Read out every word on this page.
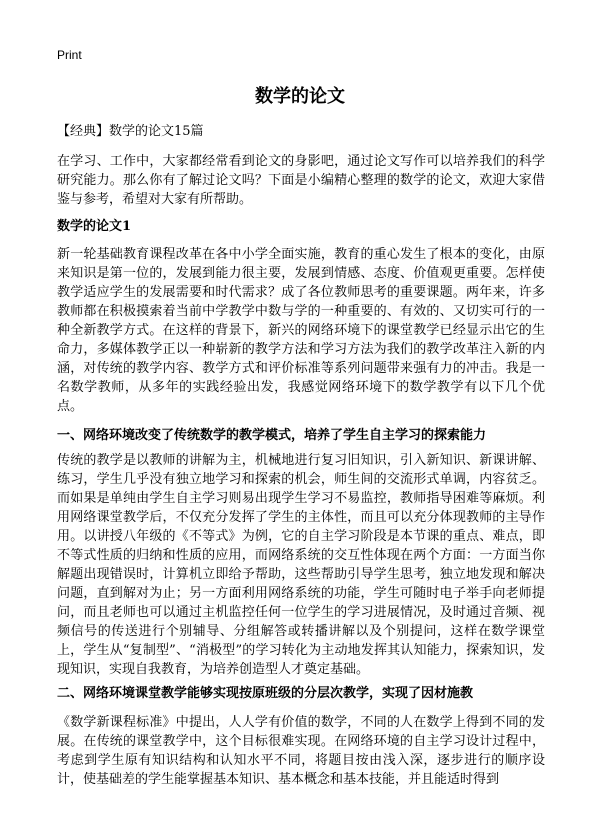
Print
数学的论文
【经典】数学的论文15篇

在学习、工作中，大家都经常看到论文的身影吧，通过论文写作可以培养我们的科学研究能力。那么你有了解过论文吗？下面是小编精心整理的数学的论文，欢迎大家借鉴与参考，希望对大家有所帮助。

数学的论文1

新一轮基础教育课程改革在各中小学全面实施，教育的重心发生了根本的变化，由原来知识是第一位的，发展到能力很主要，发展到情感、态度、价值观更重要。怎样使教学适应学生的发展需要和时代需求？成了各位教师思考的重要课题。两年来，许多教师都在积极摸索着当前中学教学中数与学的一种重要的、有效的、又切实可行的一种全新教学方式。在这样的背景下，新兴的网络环境下的课堂教学已经显示出它的生命力，多媒体教学正以一种崭新的教学方法和学习方法为我们的教学改革注入新的内涵，对传统的教学内容、教学方式和评价标准等系列问题带来强有力的冲击。我是一名数学教师，从多年的实践经验出发，我感觉网络环境下的数学教学有以下几个优点。

一、网络环境改变了传统数学的教学模式，培养了学生自主学习的探索能力

传统的教学是以教师的讲解为主，机械地进行复习旧知识，引入新知识、新课讲解、练习，学生几乎没有独立地学习和探索的机会，师生间的交流形式单调，内容贫乏。而如果是单纯由学生自主学习则易出现学生学习不易监控，教师指导困难等麻烦。利用网络课堂教学后，不仅充分发挥了学生的主体性，而且可以充分体现教师的主导作用。以讲授八年级的《不等式》为例，它的自主学习阶段是本节课的重点、难点，即不等式性质的归纳和性质的应用，而网络系统的交互性体现在两个方面：一方面当你解题出现错误时，计算机立即给予帮助，这些帮助引导学生思考，独立地发现和解决问题，直到解对为止；另一方面利用网络系统的功能，学生可随时电子举手向老师提问，而且老师也可以通过主机监控任何一位学生的学习进展情况，及时通过音频、视频信号的传送进行个别辅导、分组解答或转播讲解以及个别提问，这样在数学课堂上，学生从“复制型”、“消极型”的学习转化为主动地发挥其认知能力，探索知识，发现知识，实现自我教育，为培养创造型人才奠定基础。

二、网络环境课堂教学能够实现按原班级的分层次教学，实现了因材施教

《数学新课程标准》中提出，人人学有价值的数学，不同的人在数学上得到不同的发展。在传统的课堂教学中，这个目标很难实现。在网络环境的自主学习设计过程中，考虑到学生原有知识结构和认知水平不同，将题目按由浅入深，逐步进行的顺序设计，使基础差的学生能掌握基本知识、基本概念和基本技能，并且能适时得到
